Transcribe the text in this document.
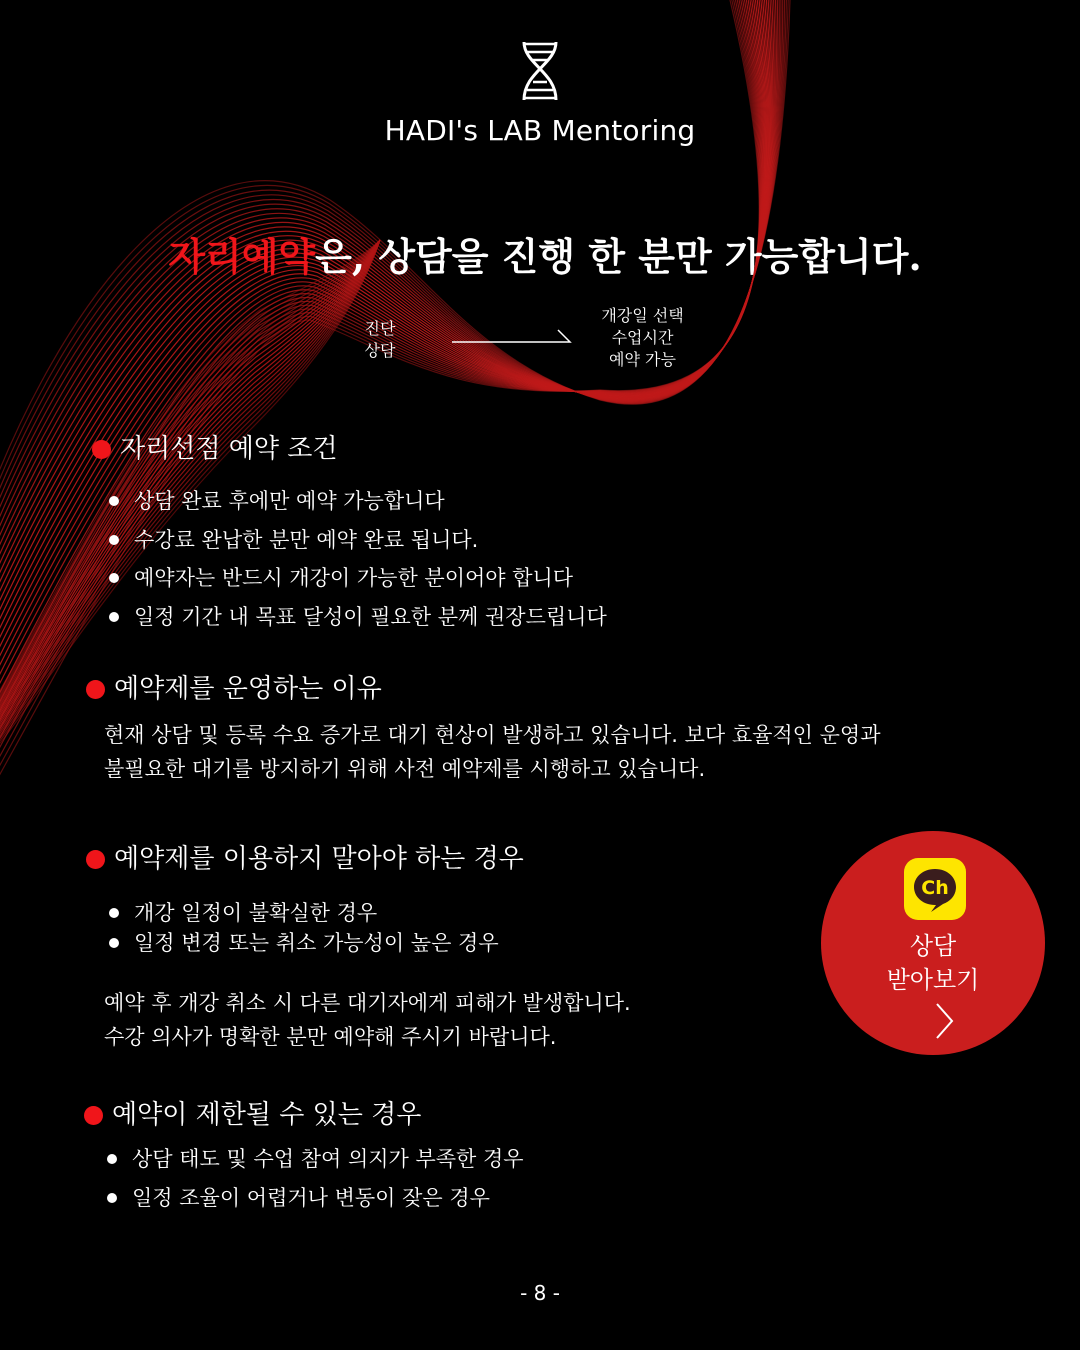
HADI's LAB Mentoring
자리예약은, 상담을 진행 한 분만 가능합니다.
진단
상담
개강일 선택
수업시간
예약 가능
자리선점 예약 조건
상담 완료 후에만 예약 가능합니다
수강료 완납한 분만 예약 완료 됩니다.
예약자는 반드시 개강이 가능한 분이어야 합니다
일정 기간 내 목표 달성이 필요한 분께 권장드립니다
예약제를 운영하는 이유
현재 상담 및 등록 수요 증가로 대기 현상이 발생하고 있습니다. 보다 효율적인 운영과
불필요한 대기를 방지하기 위해 사전 예약제를 시행하고 있습니다.
예약제를 이용하지 말아야 하는 경우
개강 일정이 불확실한 경우
일정 변경 또는 취소 가능성이 높은 경우
예약 후 개강 취소 시 다른 대기자에게 피해가 발생합니다.
수강 의사가 명확한 분만 예약해 주시기 바랍니다.
예약이 제한될 수 있는 경우
상담 태도 및 수업 참여 의지가 부족한 경우
일정 조율이 어렵거나 변동이 잦은 경우
Ch
상담
받아보기
- 8 -
